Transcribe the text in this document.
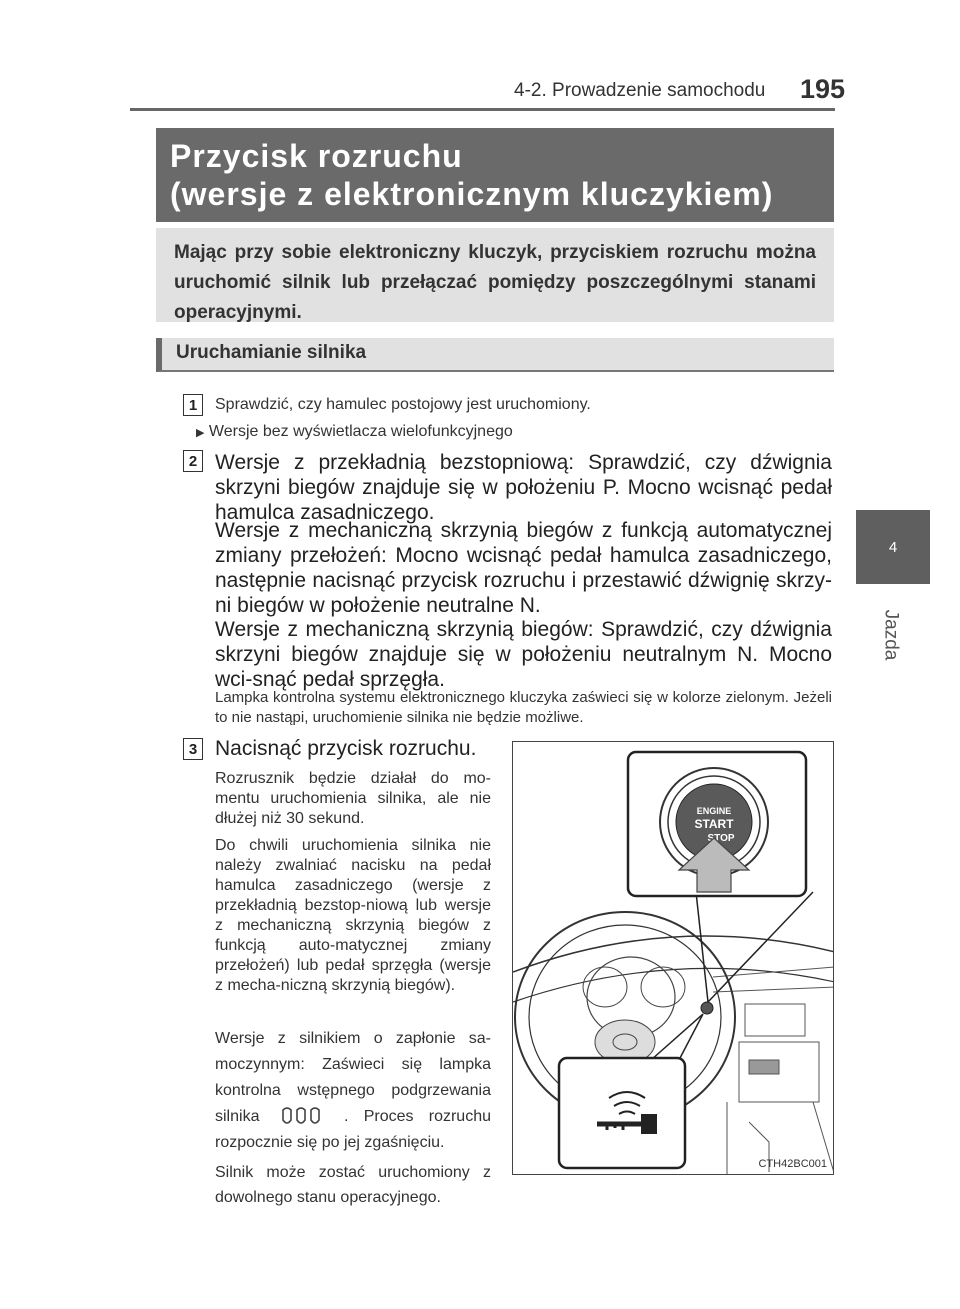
4-2. Prowadzenie samochodu 195
4
Jazda
Przycisk rozruchu
(wersje z elektronicznym kluczykiem)
Mając przy sobie elektroniczny kluczyk, przyciskiem rozruchu można uruchomić silnik lub przełączać pomiędzy poszczególnymi stanami operacyjnymi.
Uruchamianie silnika
1	Sprawdzić, czy hamulec postojowy jest uruchomiony.
▶ Wersje bez wyświetlacza wielofunkcyjnego
2 Wersje z przekładnią bezstopniową: Sprawdzić, czy dźwignia skrzyni biegów znajduje się w położeniu P. Mocno wcisnąć pedał hamulca zasadniczego.
Wersje z mechaniczną skrzynią biegów z funkcją automatycznej zmiany przełożeń: Mocno wcisnąć pedał hamulca zasadniczego, następnie nacisnąć przycisk rozruchu i przestawić dźwignię skrzy-ni biegów w położenie neutralne N.
Wersje z mechaniczną skrzynią biegów: Sprawdzić, czy dźwignia skrzyni biegów znajduje się w położeniu neutralnym N. Mocno wci-snąć pedał sprzęgła.
Lampka kontrolna systemu elektronicznego kluczyka zaświeci się w kolorze zielonym. Jeżeli to nie nastąpi, uruchomienie silnika nie będzie możliwe.
3 Nacisnąć przycisk rozruchu.
Rozrusznik będzie działał do mo-mentu uruchomienia silnika, ale nie dłużej niż 30 sekund.
Do chwili uruchomienia silnika nie należy zwalniać nacisku na pedał hamulca zasadniczego (wersje z przekładnią bezstop-niową lub wersje z mechaniczną skrzynią biegów z funkcją auto-matycznej zmiany przełożeń) lub pedał sprzęgła (wersje z mecha-niczną skrzynią biegów).
Wersje z silnikiem o zapłonie sa-moczynnym: Zaświeci się lampka kontrolna wstępnego podgrzewania silnika	. Proces rozruchu rozpocznie się po jej zgaśnięciu.
Silnik może zostać uruchomiony z dowolnego stanu operacyjnego.
ENGINE
START
STOP
CTH42BC001
